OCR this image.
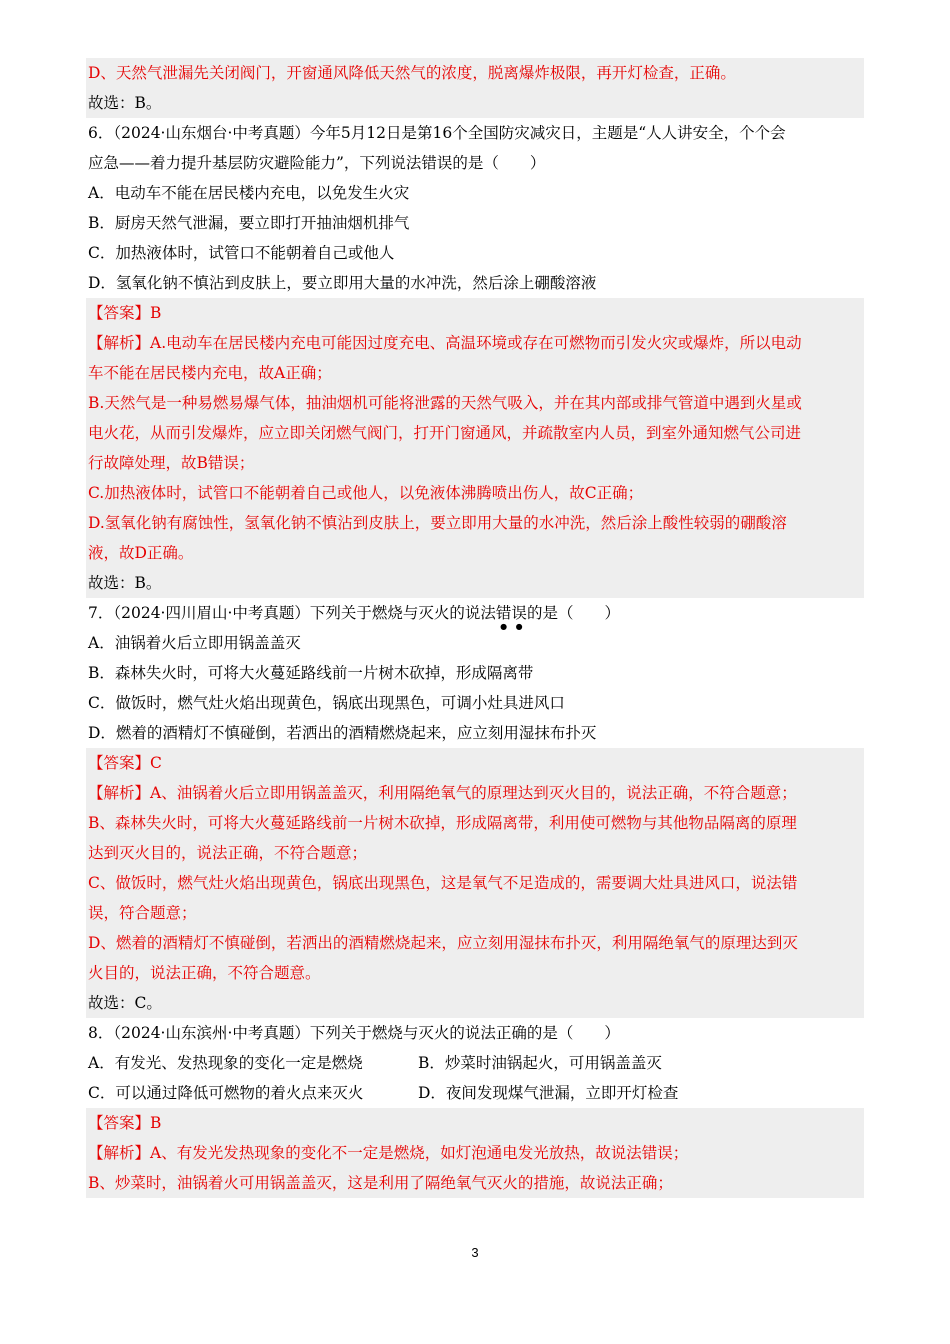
D、天然气泄漏先关闭阀门，开窗通风降低天然气的浓度，脱离爆炸极限，再开灯检查，正确。
故选：B。
6．（2024·山东烟台·中考真题）今年5月12日是第16个全国防灾减灾日，主题是“人人讲安全，个个会
应急——着力提升基层防灾避险能力”，下列说法错误的是（　　）
A．电动车不能在居民楼内充电，以免发生火灾
B．厨房天然气泄漏，要立即打开抽油烟机排气
C．加热液体时，试管口不能朝着自己或他人
D．氢氧化钠不慎沾到皮肤上，要立即用大量的水冲洗，然后涂上硼酸溶液
【答案】B
【解析】A.电动车在居民楼内充电可能因过度充电、高温环境或存在可燃物而引发火灾或爆炸，所以电动
车不能在居民楼内充电，故A正确；
B.天然气是一种易燃易爆气体，抽油烟机可能将泄露的天然气吸入，并在其内部或排气管道中遇到火星或
电火花，从而引发爆炸，应立即关闭燃气阀门，打开门窗通风，并疏散室内人员，到室外通知燃气公司进
行故障处理，故B错误；
C.加热液体时，试管口不能朝着自己或他人，以免液体沸腾喷出伤人，故C正确；
D.氢氧化钠有腐蚀性，氢氧化钠不慎沾到皮肤上，要立即用大量的水冲洗，然后涂上酸性较弱的硼酸溶
液，故D正确。
故选：B。
7．（2024·四川眉山·中考真题）下列关于燃烧与灭火的说法错误的是（　　）
A．油锅着火后立即用锅盖盖灭
B．森林失火时，可将大火蔓延路线前一片树木砍掉，形成隔离带
C．做饭时，燃气灶火焰出现黄色，锅底出现黑色，可调小灶具进风口
D．燃着的酒精灯不慎碰倒，若洒出的酒精燃烧起来，应立刻用湿抹布扑灭
【答案】C
【解析】A、油锅着火后立即用锅盖盖灭，利用隔绝氧气的原理达到灭火目的，说法正确，不符合题意；
B、森林失火时，可将大火蔓延路线前一片树木砍掉，形成隔离带，利用使可燃物与其他物品隔离的原理
达到灭火目的，说法正确，不符合题意；
C、做饭时，燃气灶火焰出现黄色，锅底出现黑色，这是氧气不足造成的，需要调大灶具进风口，说法错
误，符合题意；
D、燃着的酒精灯不慎碰倒，若洒出的酒精燃烧起来，应立刻用湿抹布扑灭，利用隔绝氧气的原理达到灭
火目的，说法正确，不符合题意。
故选：C。
8．（2024·山东滨州·中考真题）下列关于燃烧与灭火的说法正确的是（　　）
A．有发光、发热现象的变化一定是燃烧	B．炒菜时油锅起火，可用锅盖盖灭
C．可以通过降低可燃物的着火点来灭火	D．夜间发现煤气泄漏，立即开灯检查
【答案】B
【解析】A、有发光发热现象的变化不一定是燃烧，如灯泡通电发光放热，故说法错误；
B、炒菜时，油锅着火可用锅盖盖灭，这是利用了隔绝氧气灭火的措施，故说法正确；
3
